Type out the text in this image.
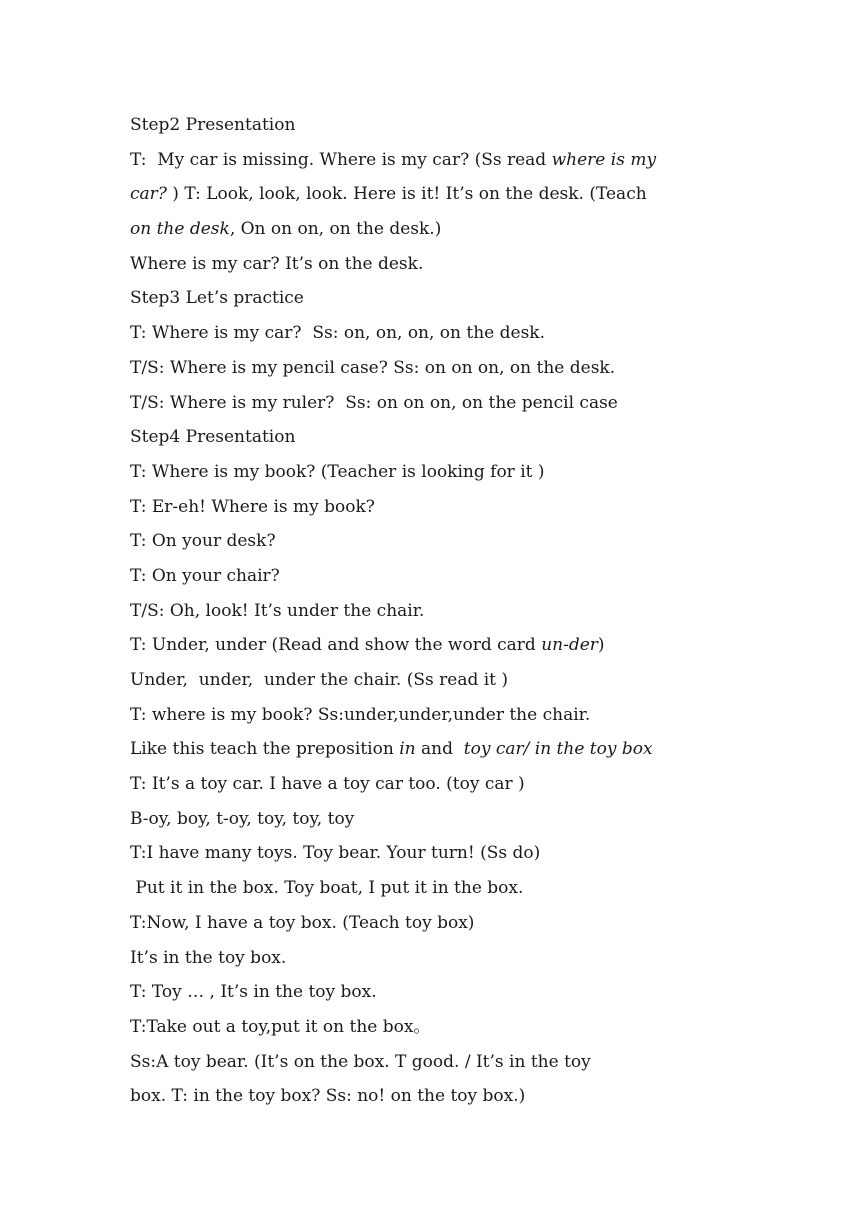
Step2 Presentation
T:  My car is missing. Where is my car? (Ss read where is my
car? ) T: Look, look, look. Here is it! It’s on the desk. (Teach
on the desk, On on on, on the desk.)
Where is my car? It’s on the desk.
Step3 Let’s practice
T: Where is my car?  Ss: on, on, on, on the desk.
T/S: Where is my pencil case? Ss: on on on, on the desk.
T/S: Where is my ruler?  Ss: on on on, on the pencil case
Step4 Presentation
T: Where is my book? (Teacher is looking for it )
T: Er-eh! Where is my book?
T: On your desk?
T: On your chair?
T/S: Oh, look! It’s under the chair.
T: Under, under (Read and show the word card un-der)
Under,  under,  under the chair. (Ss read it )
T: where is my book? Ss:under,under,under the chair.
Like this teach the preposition in and  toy car/ in the toy box
T: It’s a toy car. I have a toy car too. (toy car )
B-oy, boy, t-oy, toy, toy, toy
T:I have many toys. Toy bear. Your turn! (Ss do)
Put it in the box. Toy boat, I put it in the box.
T:Now, I have a toy box. (Teach toy box)
It’s in the toy box.
T: Toy … , It’s in the toy box.
T:Take out a toy,put it on the box。
Ss:A toy bear. (It’s on the box. T good. / It’s in the toy
box. T: in the toy box? Ss: no! on the toy box.)
